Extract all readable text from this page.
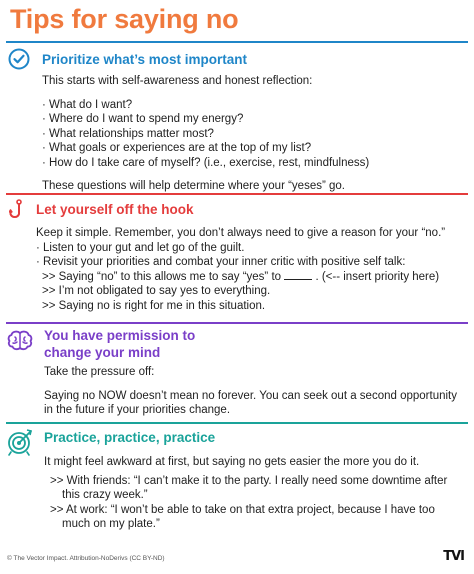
Tips for saying no
Prioritize what’s most important

This starts with self-awareness and honest reflection:

· What do I want?

· Where do I want to spend my energy?

· What relationships matter most?

· What goals or experiences are at the top of my list?

· How do I take care of myself? (i.e., exercise, rest, mindfulness)

These questions will help determine where your “yeses” go.

Let yourself off the hook

Keep it simple. Remember, you don’t always need to give a reason for your “no.”

· Listen to your gut and let go of the guilt.

· Revisit your priorities and combat your inner critic with positive self talk:

>> Saying “no” to this allows me to say “yes” to	. (<-- insert priority here)

>> I’m not obligated to say yes to everything.

>> Saying no is right for me in this situation.

You have permission to
change your mind

Take the pressure off:

Saying no NOW doesn’t mean no forever. You can seek out a second opportunity

in the future if your priorities change.

Practice, practice, practice

It might feel awkward at first, but saying no gets easier the more you do it.

>> With friends: “I can’t make it to the party. I really need some downtime after

this crazy week.”

>> At work: “I won’t be able to take on that extra project, because I have too

much on my plate.”

© The Vector Impact. Attribution-NoDerivs (CC BY-ND)	TVI
